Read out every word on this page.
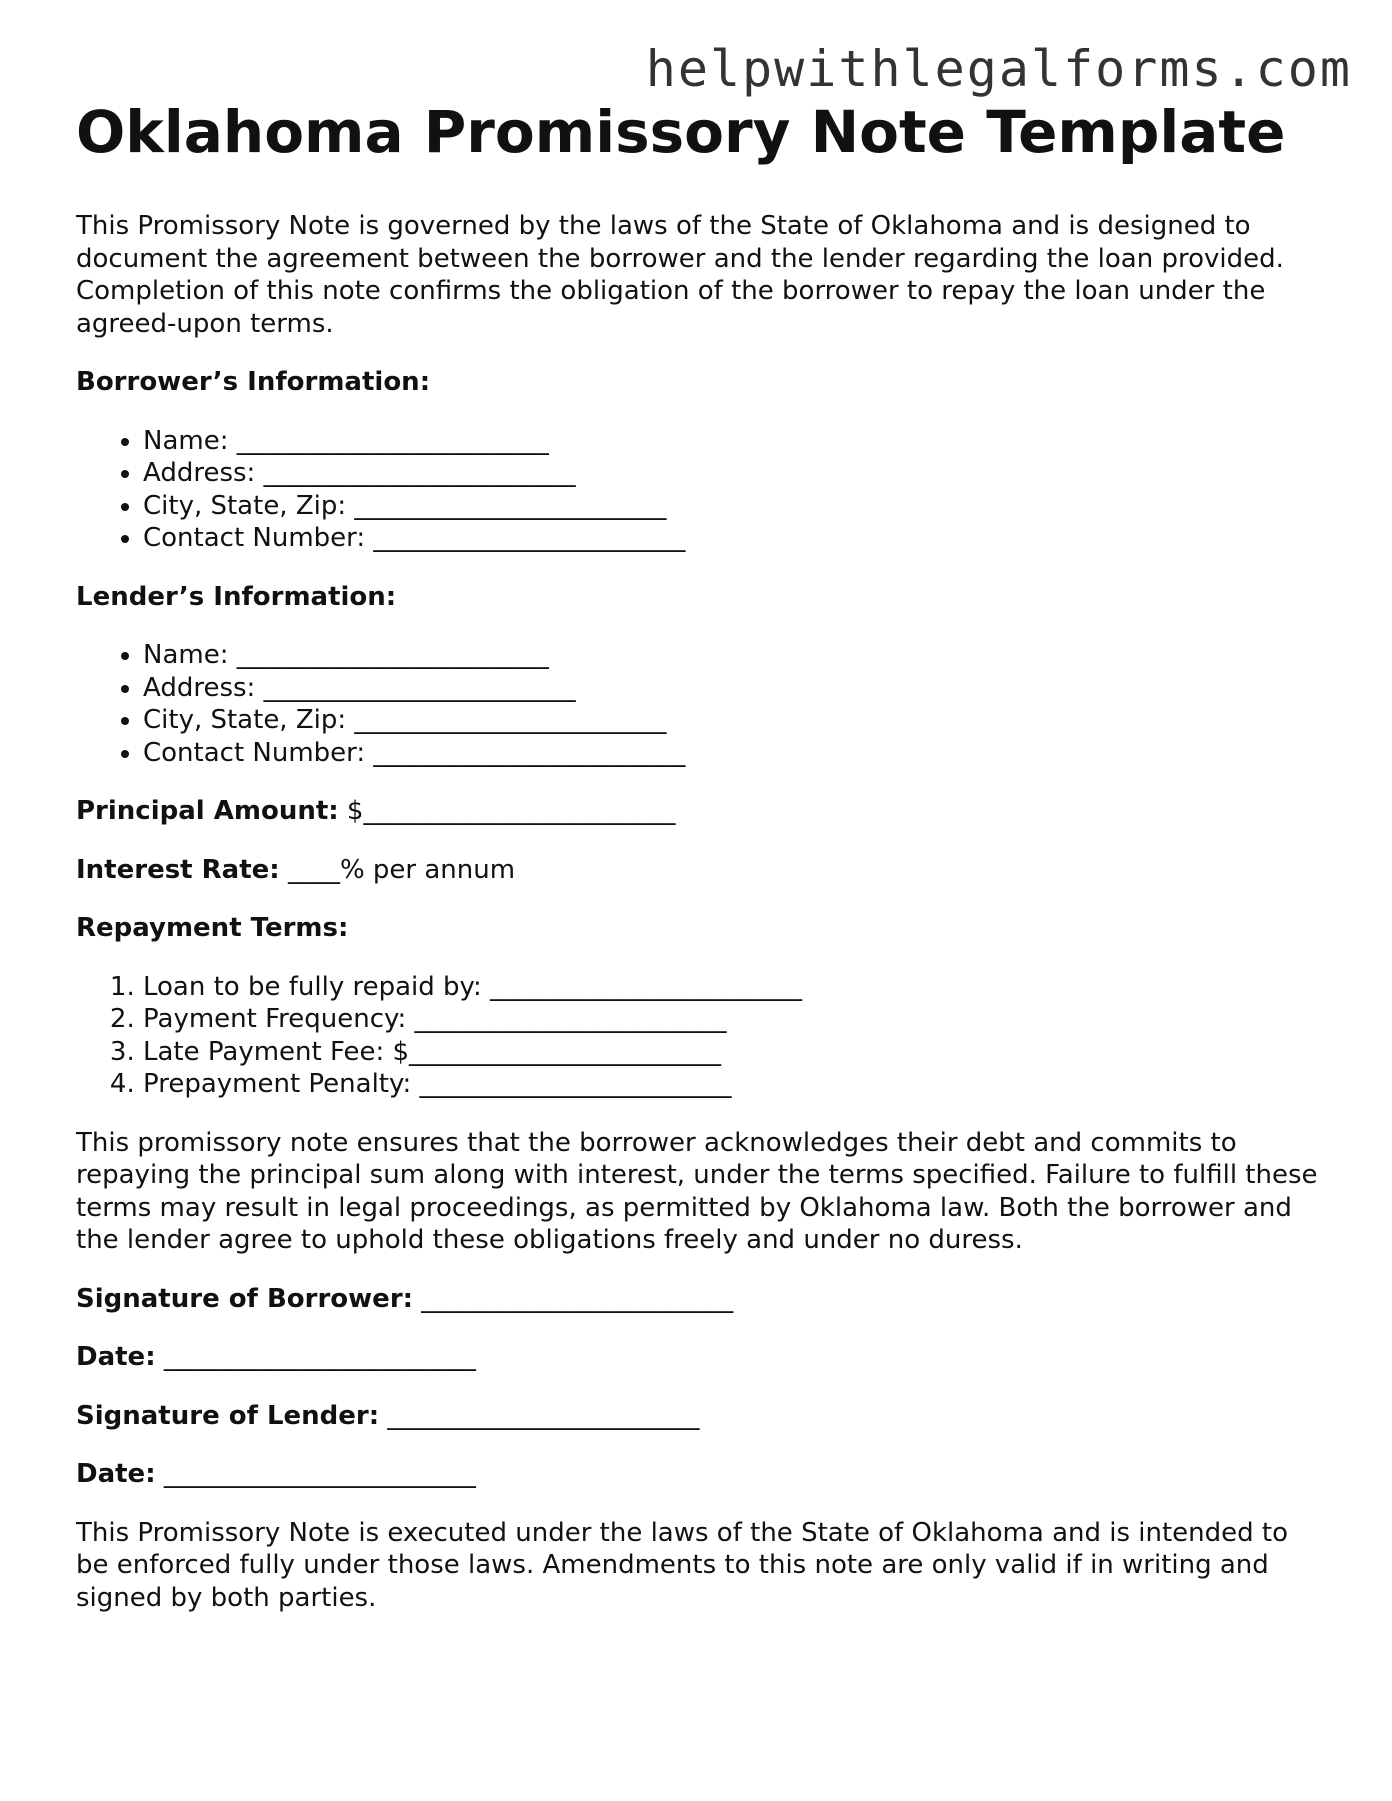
helpwithlegalforms.com
Oklahoma Promissory Note Template

This Promissory Note is governed by the laws of the State of Oklahoma and is designed to document the agreement between the borrower and the lender regarding the loan provided. Completion of this note confirms the obligation of the borrower to repay the loan under the agreed-upon terms.

Borrower’s Information:
• Name: ________________________
• Address: ________________________
• City, State, Zip: ________________________
• Contact Number: ________________________
Lender’s Information:
• Name: ________________________
• Address: ________________________
• City, State, Zip: ________________________
• Contact Number: ________________________
Principal Amount: $________________________
Interest Rate: ____% per annum
Repayment Terms:
1. Loan to be fully repaid by: ________________________
2. Payment Frequency: ________________________
3. Late Payment Fee: $________________________
4. Prepayment Penalty: ________________________

This promissory note ensures that the borrower acknowledges their debt and commits to repaying the principal sum along with interest, under the terms specified. Failure to fulfill these terms may result in legal proceedings, as permitted by Oklahoma law. Both the borrower and the lender agree to uphold these obligations freely and under no duress.

Signature of Borrower: ________________________
Date: ________________________
Signature of Lender: ________________________
Date: ________________________

This Promissory Note is executed under the laws of the State of Oklahoma and is intended to be enforced fully under those laws. Amendments to this note are only valid if in writing and signed by both parties.
